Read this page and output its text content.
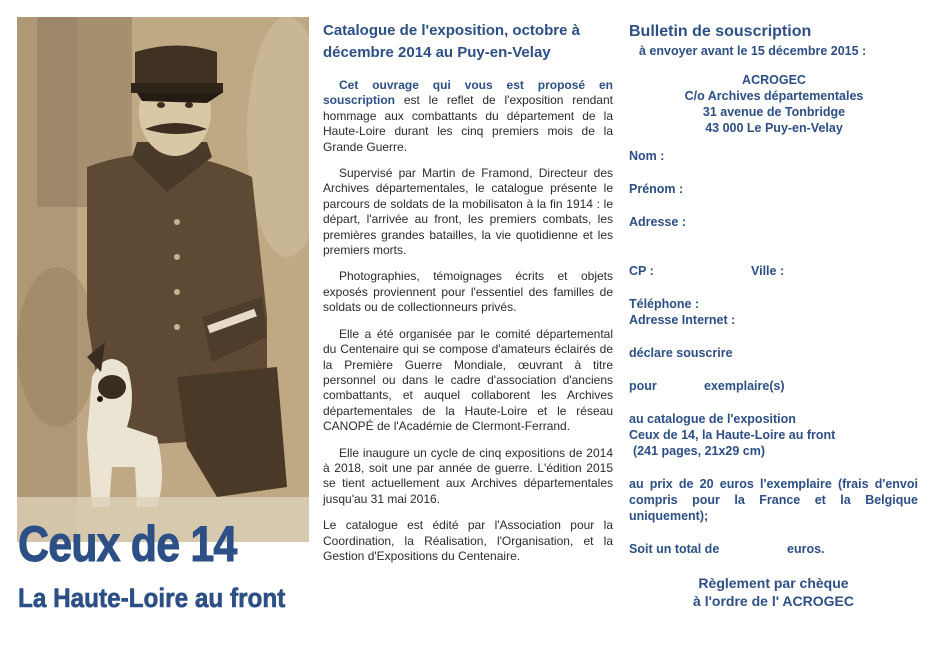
Ceux de 14
La Haute-Loire au front
Catalogue de l'exposition, octobre à décembre 2014 au Puy-en-Velay

Cet ouvrage qui vous est proposé en souscription est le reflet de l'exposition rendant hommage aux combattants du département de la Haute-Loire durant les cinq premiers mois de la Grande Guerre.

Supervisé par Martin de Framond, Directeur des Archives départementales, le catalogue présente le parcours de soldats de la mobilisaton à la fin 1914 : le départ, l'arrivée au front, les premiers combats, les premières grandes batailles, la vie quotidienne et les premiers morts.

Photographies, témoignages écrits et objets exposés proviennent pour l'essentiel des familles de soldats ou de collectionneurs privés.

Elle a été organisée par le comité départemental du Centenaire qui se compose d'amateurs éclairés de la Première Guerre Mondiale, œuvrant à titre personnel ou dans le cadre d'association d'anciens combattants, et auquel collaborent les Archives départementales de la Haute-Loire et le réseau CANOPÉ de l'Académie de Clermont-Ferrand.

Elle inaugure un cycle de cinq expositions de 2014 à 2018, soit une par année de guerre. L'édition 2015 se tient actuellement aux Archives départementales jusqu'au 31 mai 2016.

Le catalogue est édité par l'Association pour la Coordination, la Réalisation, l'Organisation, et la Gestion d'Expositions du Centenaire.

Bulletin de souscription
à envoyer avant le 15 décembre 2015 :
ACROGEC
C/o Archives départementales
31 avenue de Tonbridge
43 000 Le Puy-en-Velay
Nom :
Prénom :
Adresse :
CP :	Ville :
Téléphone :
Adresse Internet :
déclare souscrire
pour	exemplaire(s)
au catalogue de l'exposition
Ceux de 14, la Haute-Loire au front
(241 pages, 21x29 cm)
au prix de 20 euros l'exemplaire (frais d'envoi compris pour la France et la Belgique uniquement);
Soit un total de	euros.
Règlement par chèque
à l'ordre de l' ACROGEC
